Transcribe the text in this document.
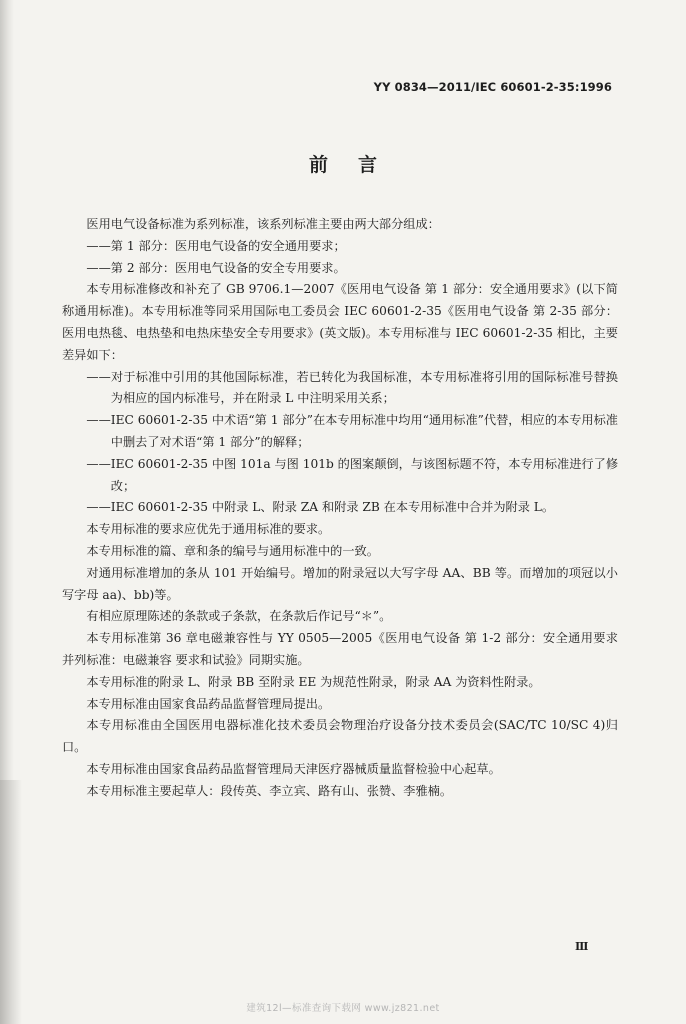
YY 0834—2011/IEC 60601-2-35:1996
前言

医用电气设备标准为系列标准，该系列标准主要由两大部分组成：

——第 1 部分：医用电气设备的安全通用要求；

——第 2 部分：医用电气设备的安全专用要求。

本专用标准修改和补充了 GB 9706.1—2007《医用电气设备 第 1 部分：安全通用要求》(以下简称通用标准)。本专用标准等同采用国际电工委员会 IEC 60601-2-35《医用电气设备 第 2-35 部分：医用电热毯、电热垫和电热床垫安全专用要求》(英文版)。本专用标准与 IEC 60601-2-35 相比，主要差异如下：

——对于标准中引用的其他国际标准，若已转化为我国标准，本专用标准将引用的国际标准号替换为相应的国内标准号，并在附录 L 中注明采用关系；

——IEC 60601-2-35 中术语“第 1 部分”在本专用标准中均用“通用标准”代替，相应的本专用标准中删去了对术语“第 1 部分”的解释；

——IEC 60601-2-35 中图 101a 与图 101b 的图案颠倒，与该图标题不符，本专用标准进行了修改；

——IEC 60601-2-35 中附录 L、附录 ZA 和附录 ZB 在本专用标准中合并为附录 L。

本专用标准的要求应优先于通用标准的要求。

本专用标准的篇、章和条的编号与通用标准中的一致。

对通用标准增加的条从 101 开始编号。增加的附录冠以大写字母 AA、BB 等。而增加的项冠以小写字母 aa)、bb)等。

有相应原理陈述的条款或子条款，在条款后作记号“＊”。

本专用标准第 36 章电磁兼容性与 YY 0505—2005《医用电气设备 第 1-2 部分：安全通用要求 并列标准：电磁兼容 要求和试验》同期实施。

本专用标准的附录 L、附录 BB 至附录 EE 为规范性附录，附录 AA 为资料性附录。

本专用标准由国家食品药品监督管理局提出。

本专用标准由全国医用电器标准化技术委员会物理治疗设备分技术委员会(SAC/TC 10/SC 4)归口。

本专用标准由国家食品药品监督管理局天津医疗器械质量监督检验中心起草。

本专用标准主要起草人：段传英、李立宾、路有山、张赞、李雅楠。

Ⅲ
建筑12l—标准查询下载网 www.jz821.net
